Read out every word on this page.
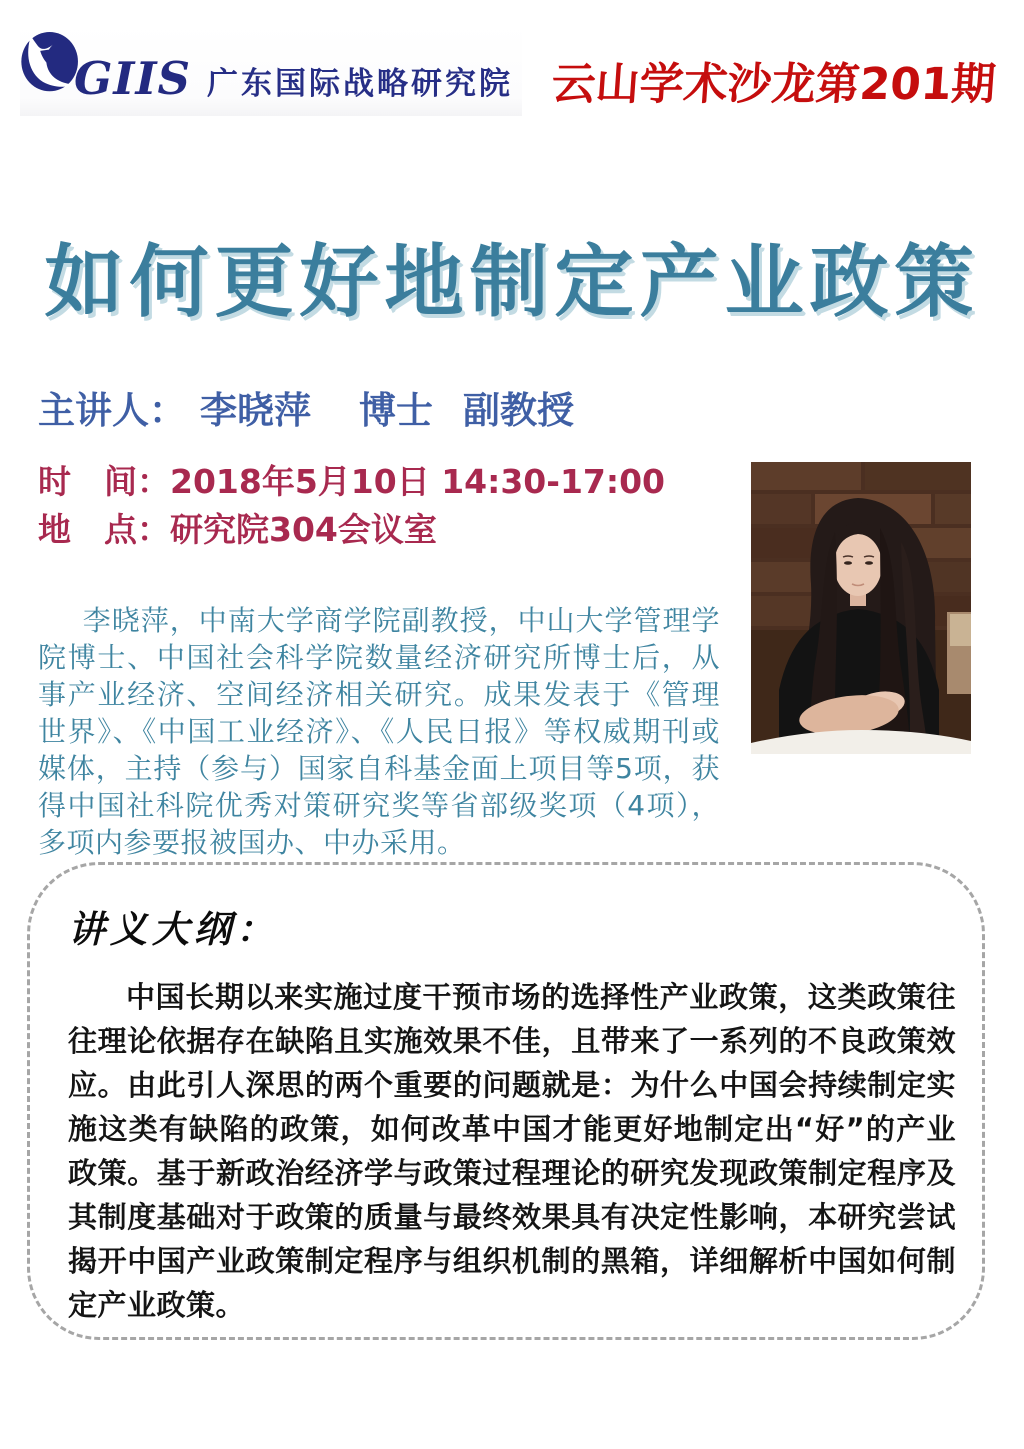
GIIS 广东国际战略研究院 云山学术沙龙第201期
如何更好地制定产业政策
主讲人： 李晓萍 博士 副教授
时　间：2018年5月10日 14:30-17:00
地　点：研究院304会议室
李晓萍，中南大学商学院副教授，中山大学管理学院博士、中国社会科学院数量经济研究所博士后，从事产业经济、空间经济相关研究。成果发表于《管理世界》、《中国工业经济》、《人民日报》等权威期刊或媒体，主持（参与）国家自科基金面上项目等5项，获得中国社科院优秀对策研究奖等省部级奖项（4项），多项内参要报被国办、中办采用。
讲义大纲：
中国长期以来实施过度干预市场的选择性产业政策，这类政策往往理论依据存在缺陷且实施效果不佳，且带来了一系列的不良政策效应。由此引人深思的两个重要的问题就是：为什么中国会持续制定实施这类有缺陷的政策，如何改革中国才能更好地制定出“好”的产业政策。基于新政治经济学与政策过程理论的研究发现政策制定程序及其制度基础对于政策的质量与最终效果具有决定性影响，本研究尝试揭开中国产业政策制定程序与组织机制的黑箱，详细解析中国如何制定产业政策。
